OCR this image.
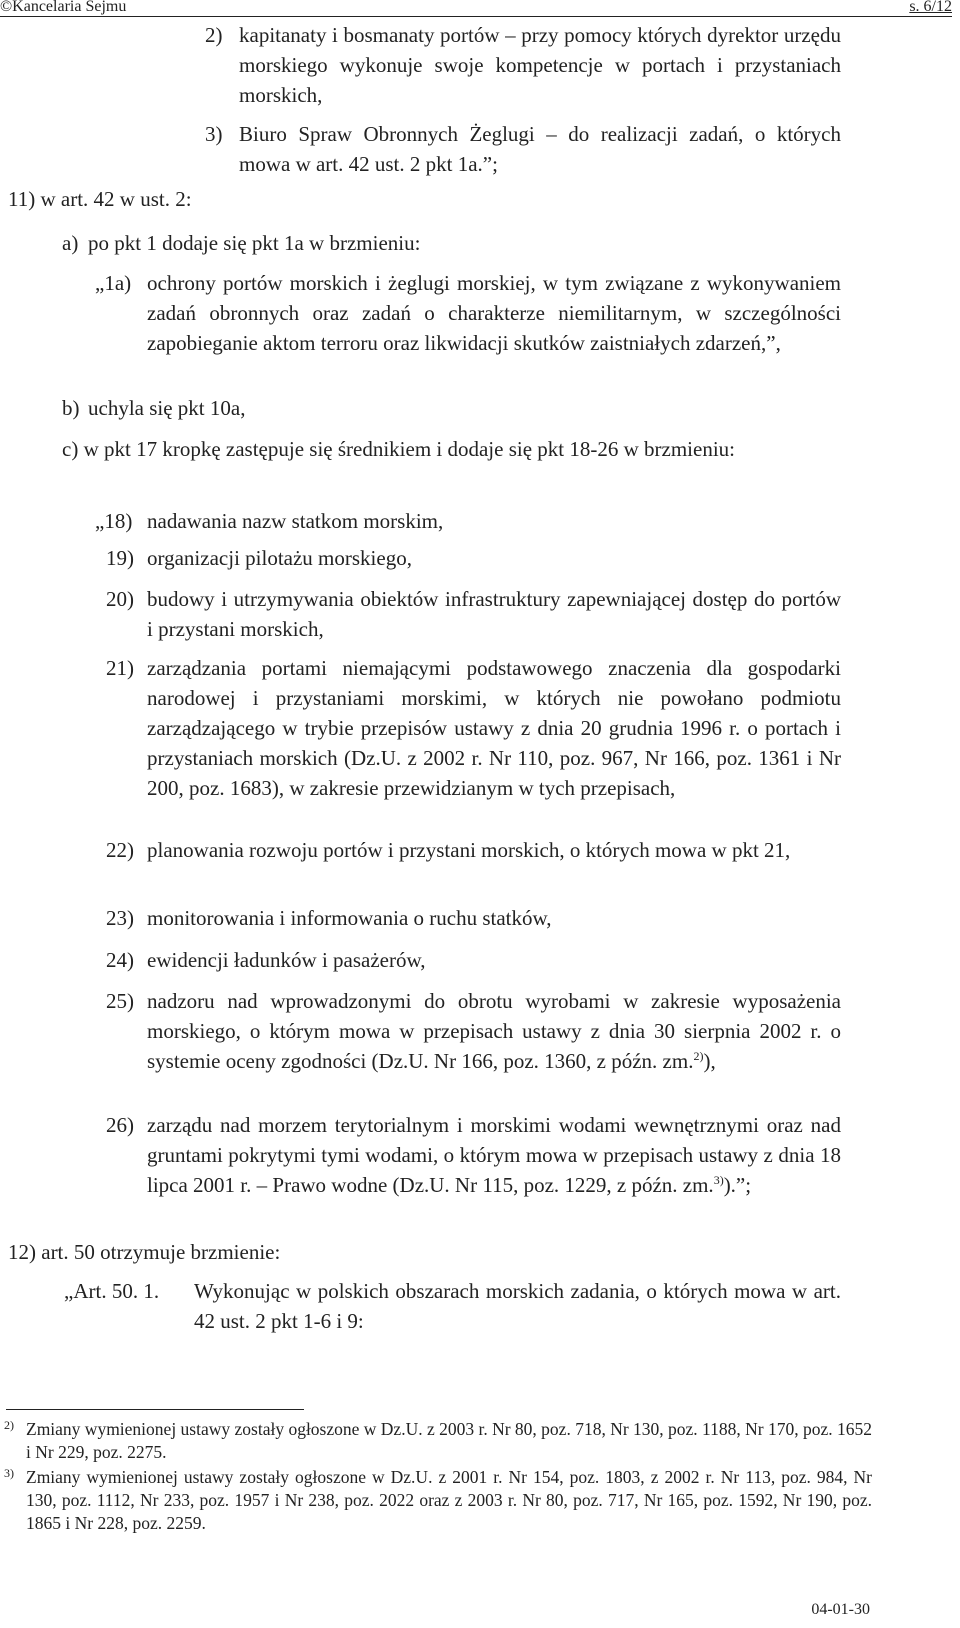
©Kancelaria Sejmu	s. 6/12
2) kapitanaty i bosmanaty portów – przy pomocy których dyrektor urzędu morskiego wykonuje swoje kompetencje w portach i przystaniach morskich,
3) Biuro Spraw Obronnych Żeglugi – do realizacji zadań, o których mowa w art. 42 ust. 2 pkt 1a.”;
11) w art. 42 w ust. 2:
a) po pkt 1 dodaje się pkt 1a w brzmieniu:
„1a) ochrony portów morskich i żeglugi morskiej, w tym związane z wykonywaniem zadań obronnych oraz zadań o charakterze niemilitarnym, w szczególności zapobieganie aktom terroru oraz likwidacji skutków zaistniałych zdarzeń,”,
b) uchyla się pkt 10a,
c) w pkt 17 kropkę zastępuje się średnikiem i dodaje się pkt 18-26 w brzmieniu:
„18) nadawania nazw statkom morskim,
19) organizacji pilotażu morskiego,
20) budowy i utrzymywania obiektów infrastruktury zapewniającej dostęp do portów i przystani morskich,
21) zarządzania portami niemającymi podstawowego znaczenia dla gospodarki narodowej i przystaniami morskimi, w których nie powołano podmiotu zarządzającego w trybie przepisów ustawy z dnia 20 grudnia 1996 r. o portach i przystaniach morskich (Dz.U. z 2002 r. Nr 110, poz. 967, Nr 166, poz. 1361 i Nr 200, poz. 1683), w zakresie przewidzianym w tych przepisach,
22) planowania rozwoju portów i przystani morskich, o których mowa w pkt 21,
23) monitorowania i informowania o ruchu statków,
24) ewidencji ładunków i pasażerów,
25) nadzoru nad wprowadzonymi do obrotu wyrobami w zakresie wyposażenia morskiego, o którym mowa w przepisach ustawy z dnia 30 sierpnia 2002 r. o systemie oceny zgodności (Dz.U. Nr 166, poz. 1360, z późn. zm.$^{2)}$),
26) zarządu nad morzem terytorialnym i morskimi wodami wewnętrznymi oraz nad gruntami pokrytymi tymi wodami, o którym mowa w przepisach ustawy z dnia 18 lipca 2001 r. – Prawo wodne (Dz.U. Nr 115, poz. 1229, z późn. zm.$^{3)}$).”;
12) art. 50 otrzymuje brzmienie:
„Art. 50. 1. Wykonując w polskich obszarach morskich zadania, o których mowa w art. 42 ust. 2 pkt 1-6 i 9:
2) Zmiany wymienionej ustawy zostały ogłoszone w Dz.U. z 2003 r. Nr 80, poz. 718, Nr 130, poz. 1188, Nr 170, poz. 1652 i Nr 229, poz. 2275.
3) Zmiany wymienionej ustawy zostały ogłoszone w Dz.U. z 2001 r. Nr 154, poz. 1803, z 2002 r. Nr 113, poz. 984, Nr 130, poz. 1112, Nr 233, poz. 1957 i Nr 238, poz. 2022 oraz z 2003 r. Nr 80, poz. 717, Nr 165, poz. 1592, Nr 190, poz. 1865 i Nr 228, poz. 2259.
04-01-30
